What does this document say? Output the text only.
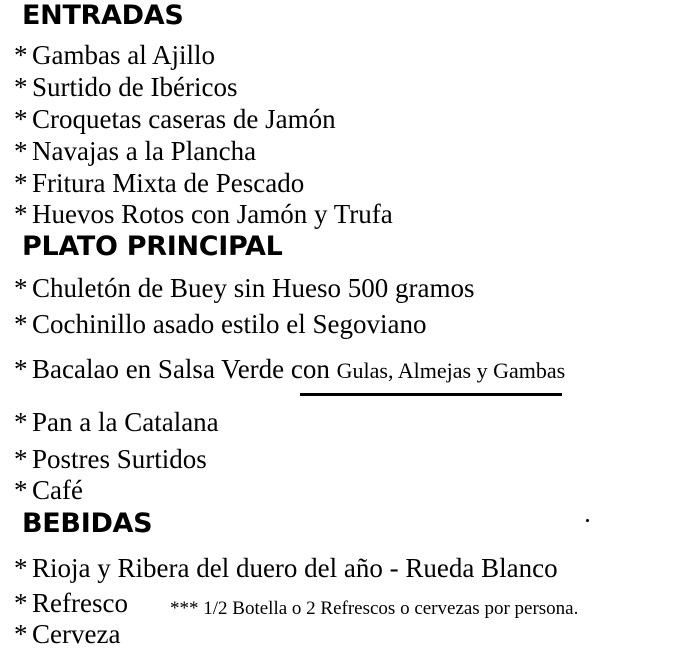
ENTRADAS
* Gambas al Ajillo
* Surtido de Ibéricos
* Croquetas caseras de Jamón
* Navajas a la Plancha
* Fritura Mixta de Pescado
* Huevos Rotos con Jamón y Trufa
PLATO PRINCIPAL
* Chuletón de Buey sin Hueso 500 gramos
* Cochinillo asado estilo el Segoviano
* Bacalao en Salsa Verde con Gulas, Almejas y Gambas
* Pan a la Catalana
* Postres Surtidos
* Café
BEBIDAS
* Rioja y Ribera del duero del año - Rueda Blanco
* Refresco *** 1/2 Botella o 2 Refrescos o cervezas por persona.
* Cerveza
